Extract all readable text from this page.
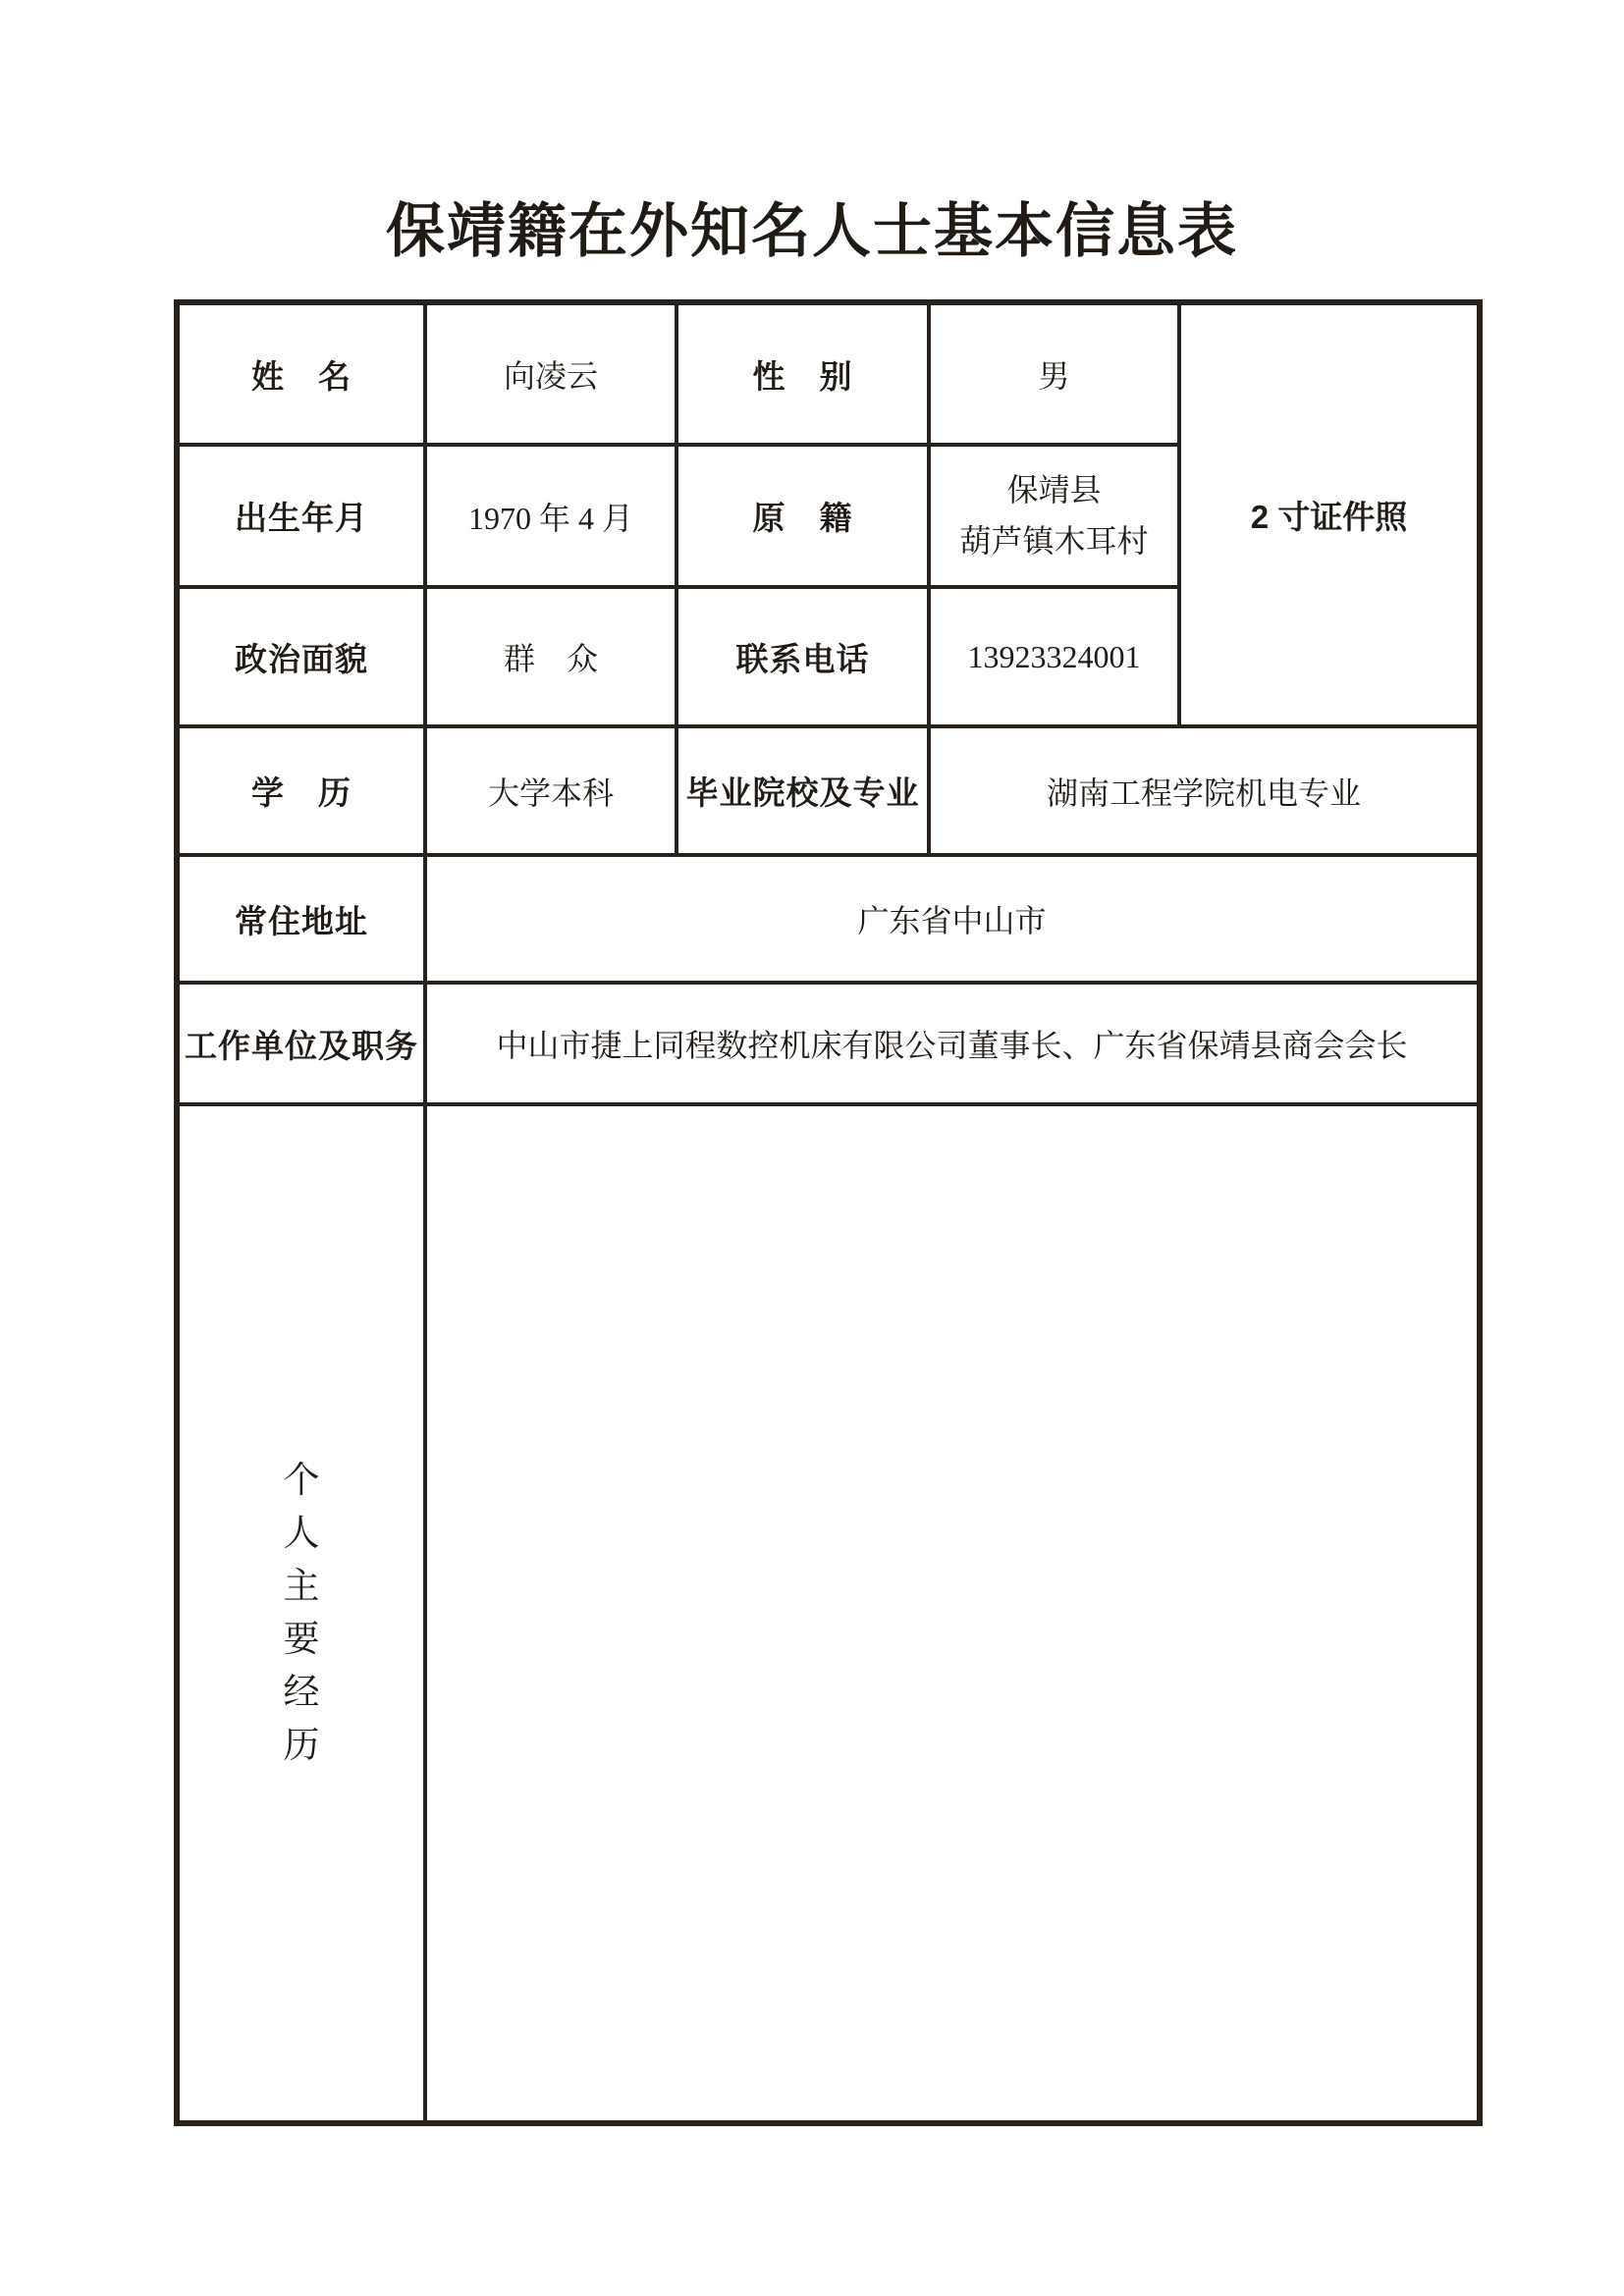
保靖籍在外知名人士基本信息表
姓　名	向凌云	性　别	男	2 寸证件照
出生年月	1970 年 4 月	原　籍	保靖县
葫芦镇木耳村	

政治面貌	群　众	联系电话	13923324001	
学　历	大学本科	毕业院校及专业	湖南工程学院机电专业	
常住地址	广东省中山市			
工作单位及职务	中山市捷上同程数控机床有限公司董事长、广东省保靖县商会会长			

个
人
主
要
经
历
